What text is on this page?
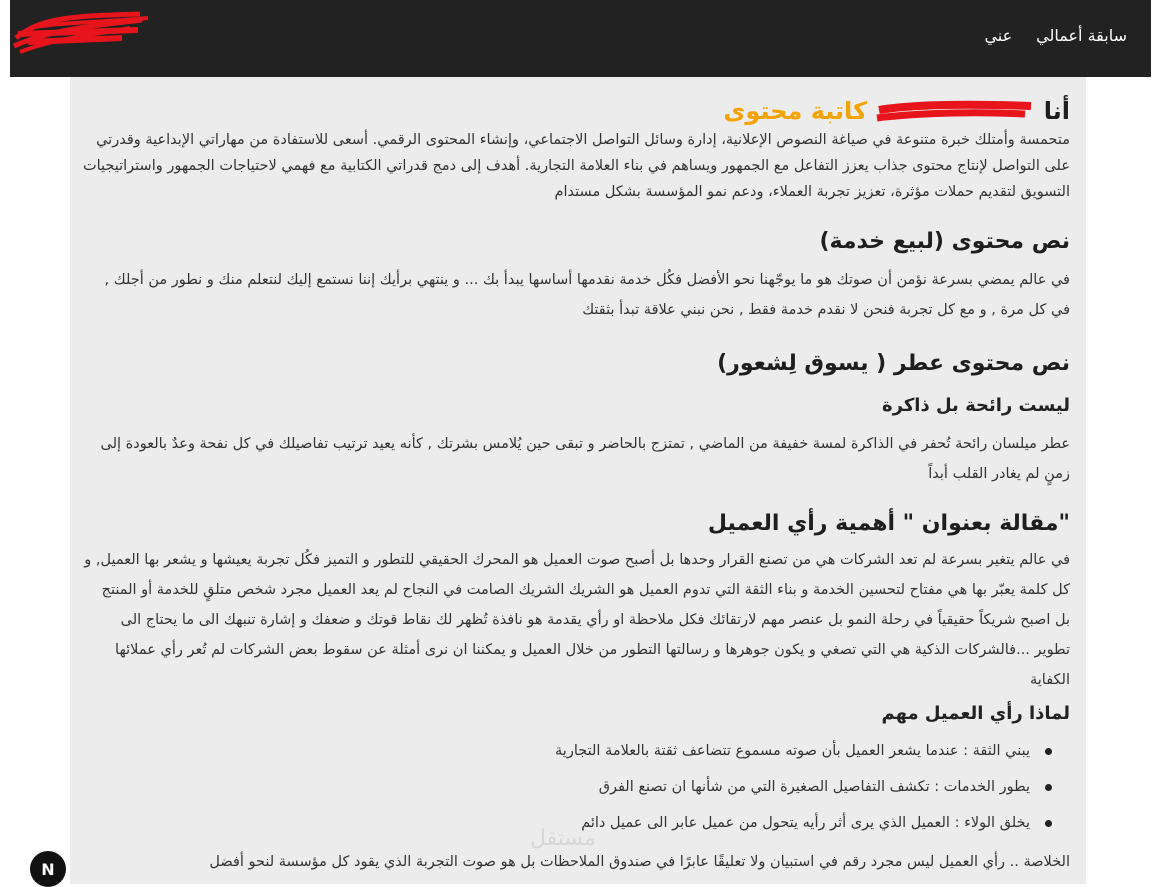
سابقة أعمالي
عني
أنا  كاتبة محتوى

متحمسة وأمتلك خبرة متنوعة في صياغة النصوص الإعلانية، إدارة وسائل التواصل الاجتماعي، وإنشاء المحتوى الرقمي. أسعى للاستفادة من مهاراتي الإبداعية وقدرتي على التواصل لإنتاج محتوى جذاب يعزز التفاعل مع الجمهور ويساهم في بناء العلامة التجارية. أهدف إلى دمج قدراتي الكتابية مع فهمي لاحتياجات الجمهور واستراتيجيات التسويق لتقديم حملات مؤثرة، تعزيز تجربة العملاء، ودعم نمو المؤسسة بشكل مستدام

نص محتوى (لبيع خدمة)

في عالم يمضي بسرعة نؤمن أن صوتك هو ما يوجّهنا نحو الأفضل فكُل خدمة نقدمها أساسها يبدأ بك ... و ينتهي برأيك إننا نستمع إليك لنتعلم منك و نطور من أجلك , في كل مرة , و مع كل تجربة فنحن لا نقدم خدمة فقط , نحن نبني علاقة تبدأ بثقتك

نص محتوى عطر ( يسوق لِشعور)
ليست رائحة بل ذاكرة

عطر ميلسان رائحة تُحفر في الذاكرة لمسة خفيفة من الماضي , تمتزج بالحاضر و تبقى حين يُلامس بشرتك , كأنه يعيد ترتيب تفاصيلك في كل نفحة وعدٌ بالعودة إلى زمنٍ لم يغادر القلب أبداً

"مقالة بعنوان " أهمية رأي العميل

في عالم يتغير بسرعة لم تعد الشركات هي من تصنع القرار وحدها بل أصبح صوت العميل هو المحرك الحقيقي للتطور و التميز فكُل تجربة يعيشها و يشعر بها العميل, و كل كلمة يعبّر بها هي مفتاح لتحسين الخدمة و بناء الثقة التي تدوم العميل هو الشريك الشريك الصامت في النجاح لم يعد العميل مجرد شخص متلقٍ للخدمة أو المنتج بل اصبح شريكاً حقيقياً في رحلة النمو بل عنصر مهم لارتقائك فكل ملاحظة او رأي يقدمة هو نافذة تُظهر لك نقاط قوتك و ضعفك و إشارة تنبهك الى ما يحتاج الى تطوير ...فالشركات الذكية هي التي تصغي و يكون جوهرها و رسالتها التطور من خلال العميل و يمكننا ان نرى أمثلة عن سقوط بعض الشركات لم تُعر رأي عملائها الكفاية

لماذا رأي العميل مهم
يبني الثقة : عندما يشعر العميل بأن صوته مسموع تتضاعف ثقتة بالعلامة التجارية
يطور الخدمات : تكشف التفاصيل الصغيرة التي من شأنها ان تصنع الفرق
يخلق الولاء : العميل الذي يرى أثر رأيه يتحول من عميل عابر الى عميل دائم

الخلاصة .. رأي العميل ليس مجرد رقم في استبيان ولا تعليقًا عابرًا في صندوق الملاحظات بل هو صوت التجربة الذي يقود كل مؤسسة لنحو أفضل

مستقل
N
